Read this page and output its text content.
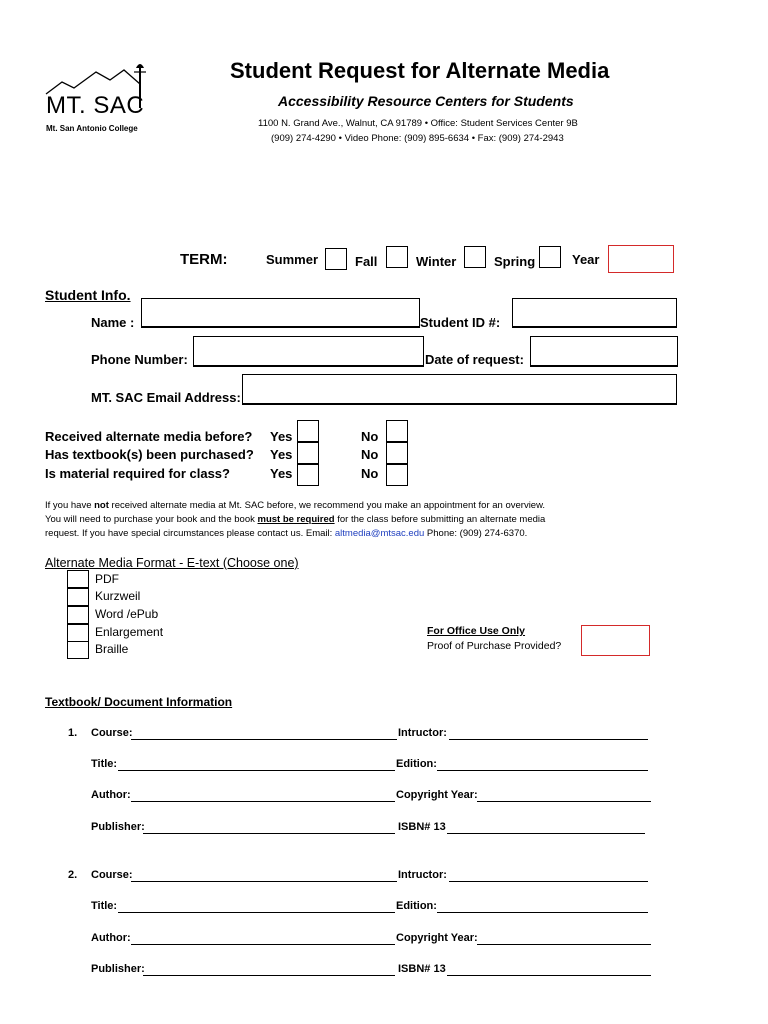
MT. SAC
Mt. San Antonio College
Student Request for Alternate Media
Accessibility Resource Centers for Students
1100 N. Grand Ave., Walnut, CA 91789 • Office: Student Services Center 9B
(909) 274-4290 • Video Phone: (909) 895-6634 • Fax: (909) 274-2943
TERM:	Summer	Fall	Winter	Spring	Year
Student Info.
Name :	Student ID #:
Phone Number:	Date of request:
MT. SAC Email Address:
Received alternate media before? Yes	No
Has textbook(s) been purchased? Yes	No
Is material required for class?	Yes	No
If you have not received alternate media at Mt. SAC before, we recommend you make an appointment for an overview.
You will need to purchase your book and the book must be required for the class before submitting an alternate media
request. If you have special circumstances please contact us. Email: altmedia@mtsac.edu Phone: (909) 274-6370.
Alternate Media Format - E-text (Choose one)
PDF
Kurzweil
Word /ePub
Enlargement
Braille
For Office Use Only
Proof of Purchase Provided?
Textbook/ Document Information
1. Course:	Intructor:
Title:	Edition:
Author:	Copyright Year:
Publisher:	ISBN# 13
2. Course:	Intructor:
Title:	Edition:
Author:	Copyright Year:
Publisher:	ISBN# 13
